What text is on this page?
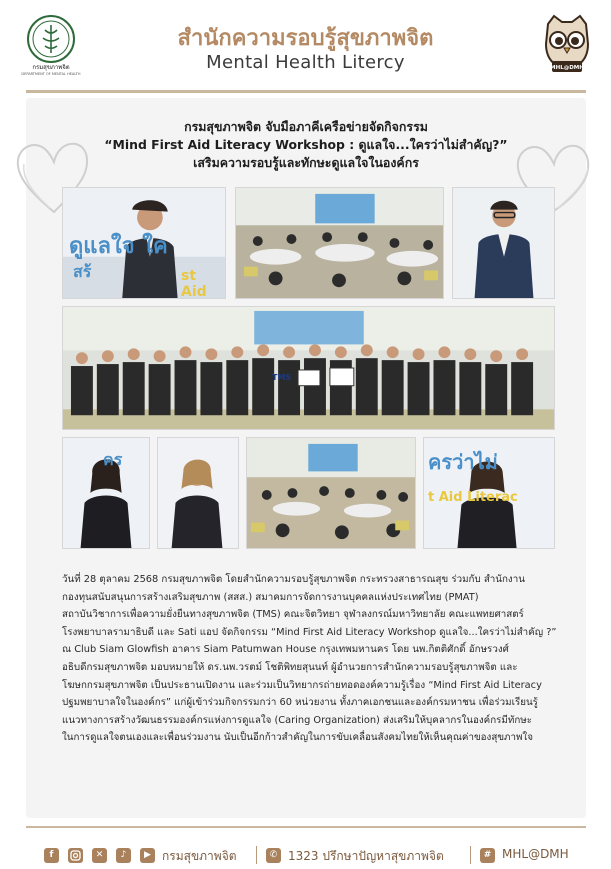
กรมสุขภาพจิต
DEPARTMENT OF MENTAL HEALTH
สำนักความรอบรู้สุขภาพจิต
Mental Health Litercy	MHL@DMH
กรมสุขภาพจิต จับมือภาคีเครือข่ายจัดกิจกรรม
“Mind First Aid Literacy Workshop : ดูแลใจ...ใครว่าไม่สำคัญ?”
เสริมความรอบรู้และทักษะดูแลใจในองค์กร
ดูแลใจ ใค
สร้	st Aid
TMS
คร	ครว่าไม่
t Aid Literac

วันที่ 28 ตุลาคม 2568 กรมสุขภาพจิต โดยสำนักความรอบรู้สุขภาพจิต กระทรวงสาธารณสุข ร่วมกับ สำนักงาน

กองทุนสนับสนุนการสร้างเสริมสุขภาพ (สสส.) สมาคมการจัดการงานบุคคลแห่งประเทศไทย (PMAT)

สถาบันวิชาการเพื่อความยั่งยืนทางสุขภาพจิต (TMS) คณะจิตวิทยา จุฬาลงกรณ์มหาวิทยาลัย คณะแพทยศาสตร์

โรงพยาบาลรามาธิบดี และ Sati แอป จัดกิจกรรม “Mind First Aid Literacy Workshop ดูแลใจ...ใครว่าไม่สำคัญ ?”

ณ Club Siam Glowfish อาคาร Siam Patumwan House กรุงเทพมหานคร โดย นพ.กิตติศักดิ์ อักษรวงศ์

อธิบดีกรมสุขภาพจิต มอบหมายให้ ดร.นพ.วรตม์ โชติพิทยสุนนท์ ผู้อำนวยการสำนักความรอบรู้สุขภาพจิต และ

โฆษกกรมสุขภาพจิต เป็นประธานเปิดงาน และร่วมเป็นวิทยากรถ่ายทอดองค์ความรู้เรื่อง “Mind First Aid Literacy

ปฐมพยาบาลใจในองค์กร” แก่ผู้เข้าร่วมกิจกรรมกว่า 60 หน่วยงาน ทั้งภาคเอกชนและองค์กรมหาชน เพื่อร่วมเรียนรู้

แนวทางการสร้างวัฒนธรรมองค์กรแห่งการดูแลใจ (Caring Organization) ส่งเสริมให้บุคลากรในองค์กรมีทักษะ

ในการดูแลใจตนเองและเพื่อนร่วมงาน นับเป็นอีกก้าวสำคัญในการขับเคลื่อนสังคมไทยให้เห็นคุณค่าของสุขภาพใจ

f	✕	♪	▶ กรมสุขภาพจิต	✆ 1323 ปรึกษาปัญหาสุขภาพจิต	# MHL@DMH
